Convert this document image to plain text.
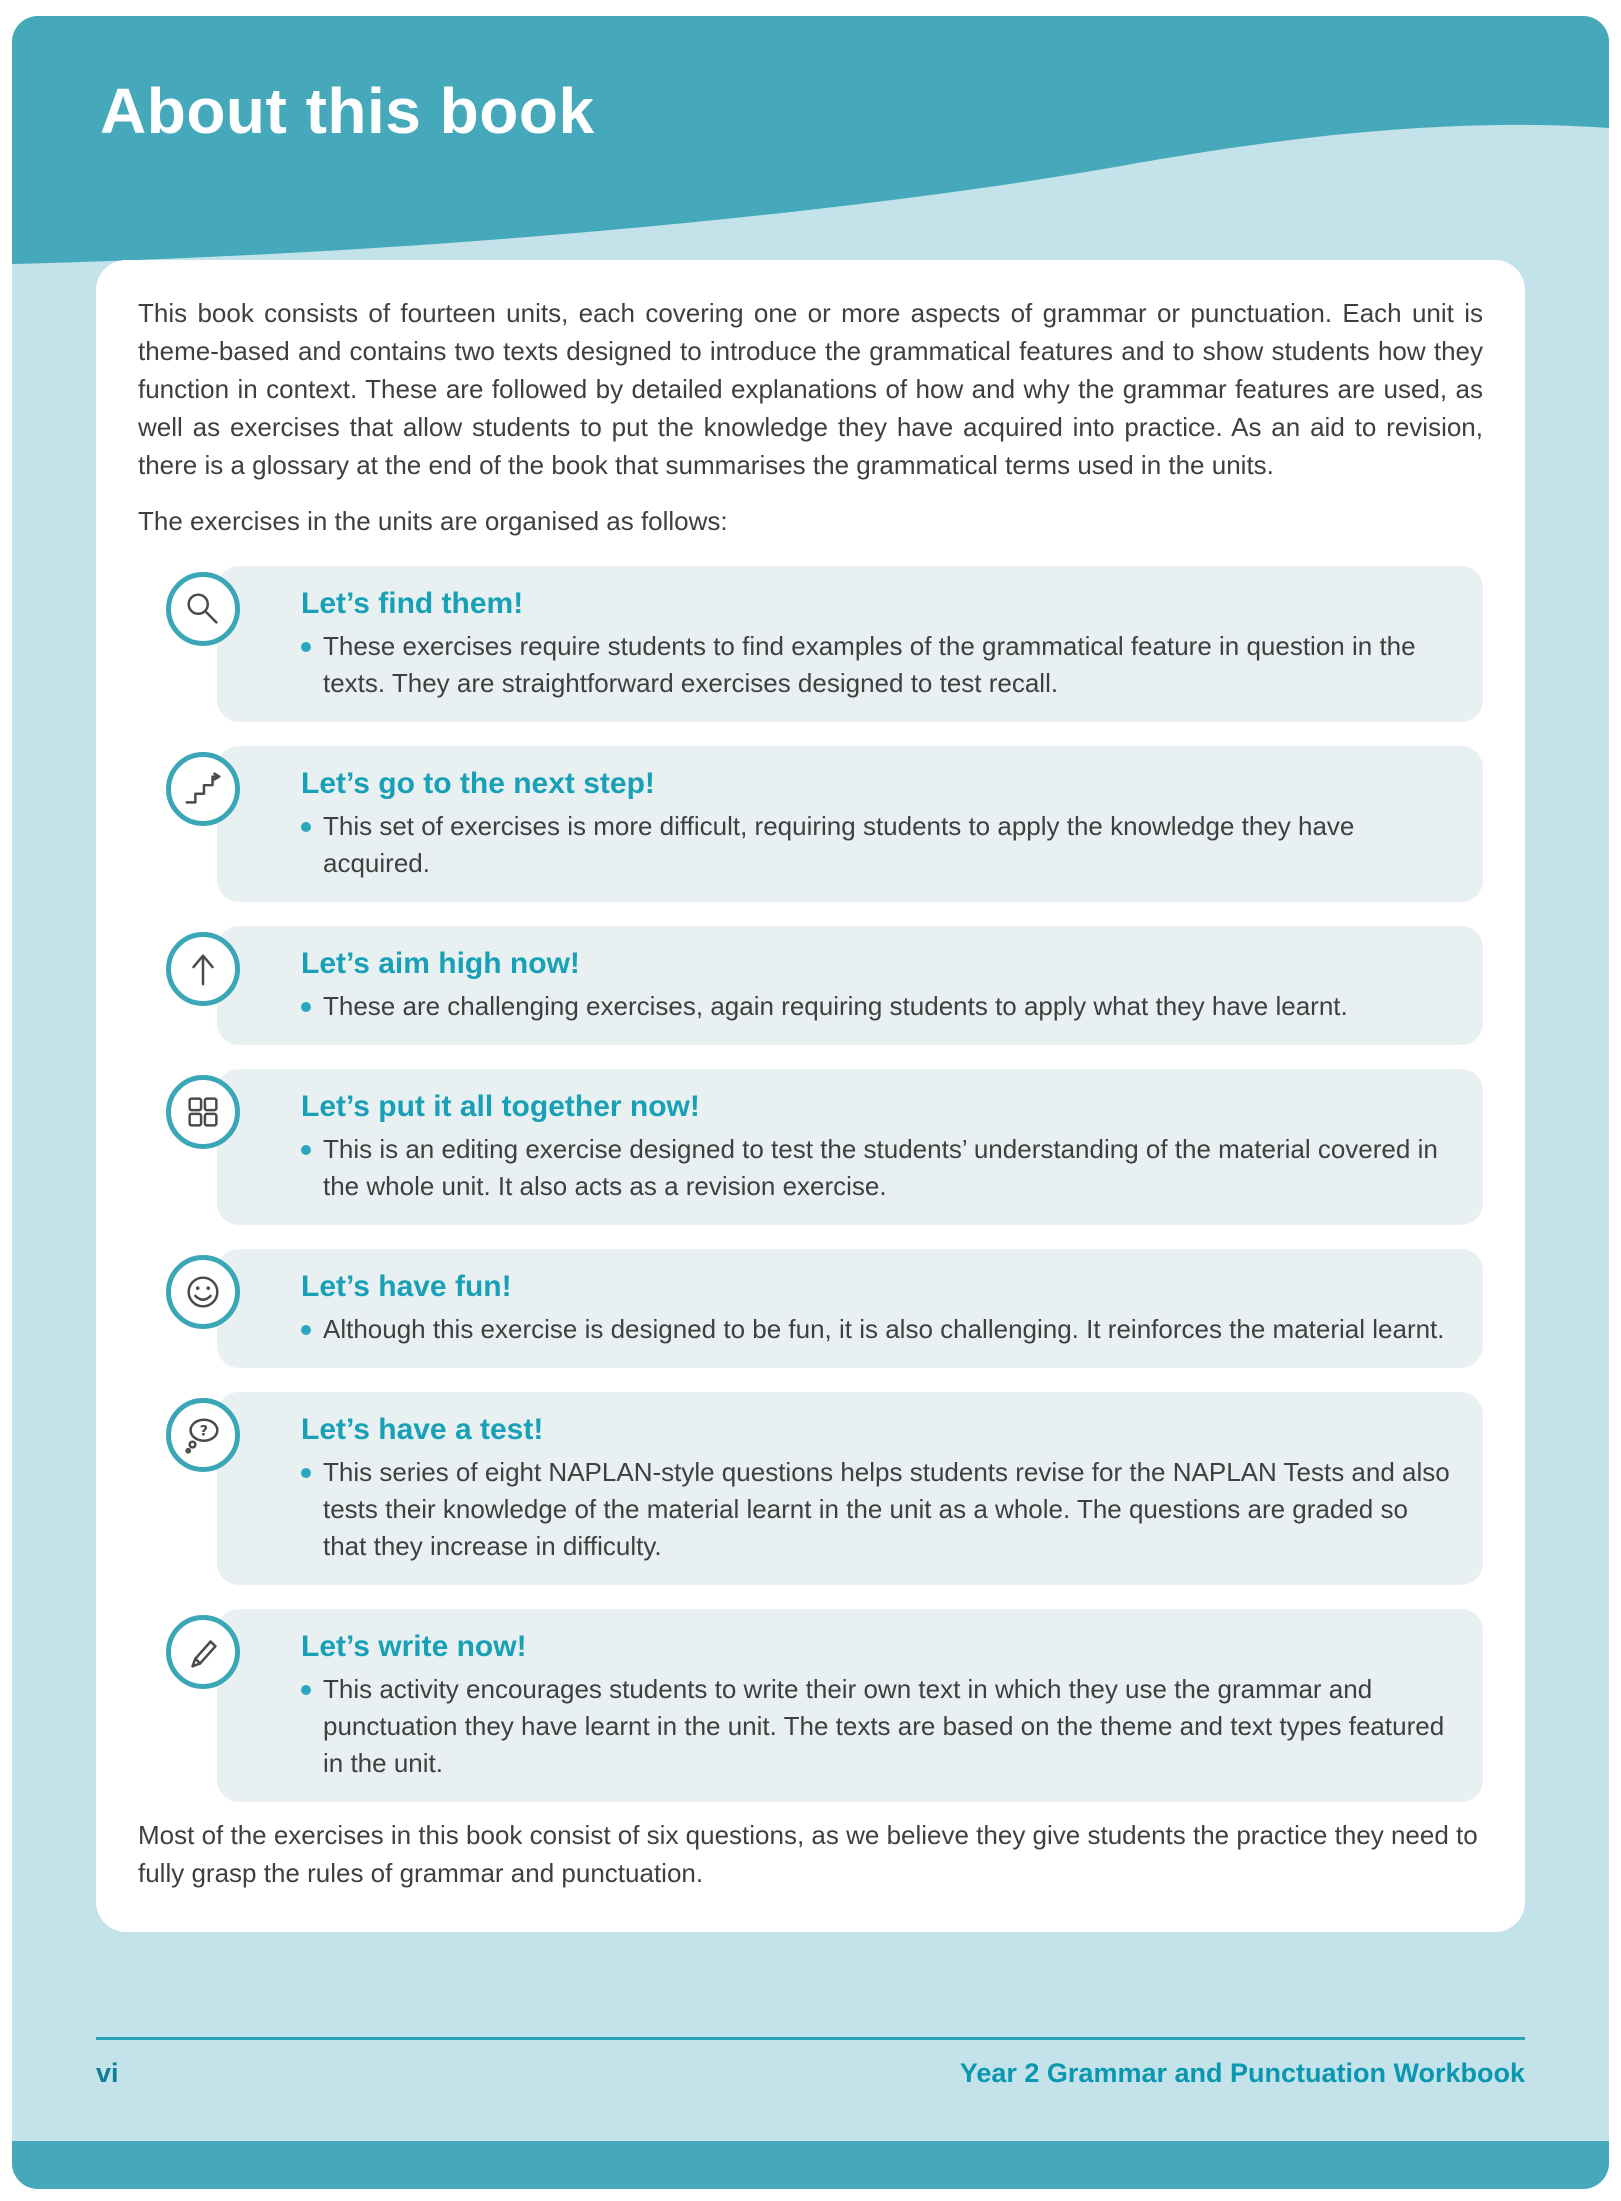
About this book

This book consists of fourteen units, each covering one or more aspects of grammar or punctuation. Each unit is theme-based and contains two texts designed to introduce the grammatical features and to show students how they function in context. These are followed by detailed explanations of how and why the grammar features are used, as well as exercises that allow students to put the knowledge they have acquired into practice. As an aid to revision, there is a glossary at the end of the book that summarises the grammatical terms used in the units.

The exercises in the units are organised as follows:

Let’s find them!

These exercises require students to find examples of the grammatical feature in question in the texts. They are straightforward exercises designed to test recall.

Let’s go to the next step!

This set of exercises is more difficult, requiring students to apply the knowledge they have acquired.

Let’s aim high now!

These are challenging exercises, again requiring students to apply what they have learnt.

Let’s put it all together now!

This is an editing exercise designed to test the students’ understanding of the material covered in the whole unit. It also acts as a revision exercise.

Let’s have fun!

Although this exercise is designed to be fun, it is also challenging. It reinforces the material learnt.

?	Let’s have a test!

This series of eight NAPLAN-style questions helps students revise for the NAPLAN Tests and also tests their knowledge of the material learnt in the unit as a whole. The questions are graded so that they increase in difficulty.

Let’s write now!

This activity encourages students to write their own text in which they use the grammar and punctuation they have learnt in the unit. The texts are based on the theme and text types featured in the unit.

Most of the exercises in this book consist of six questions, as we believe they give students the practice they need to fully grasp the rules of grammar and punctuation.

vi	Year 2 Grammar and Punctuation Workbook
